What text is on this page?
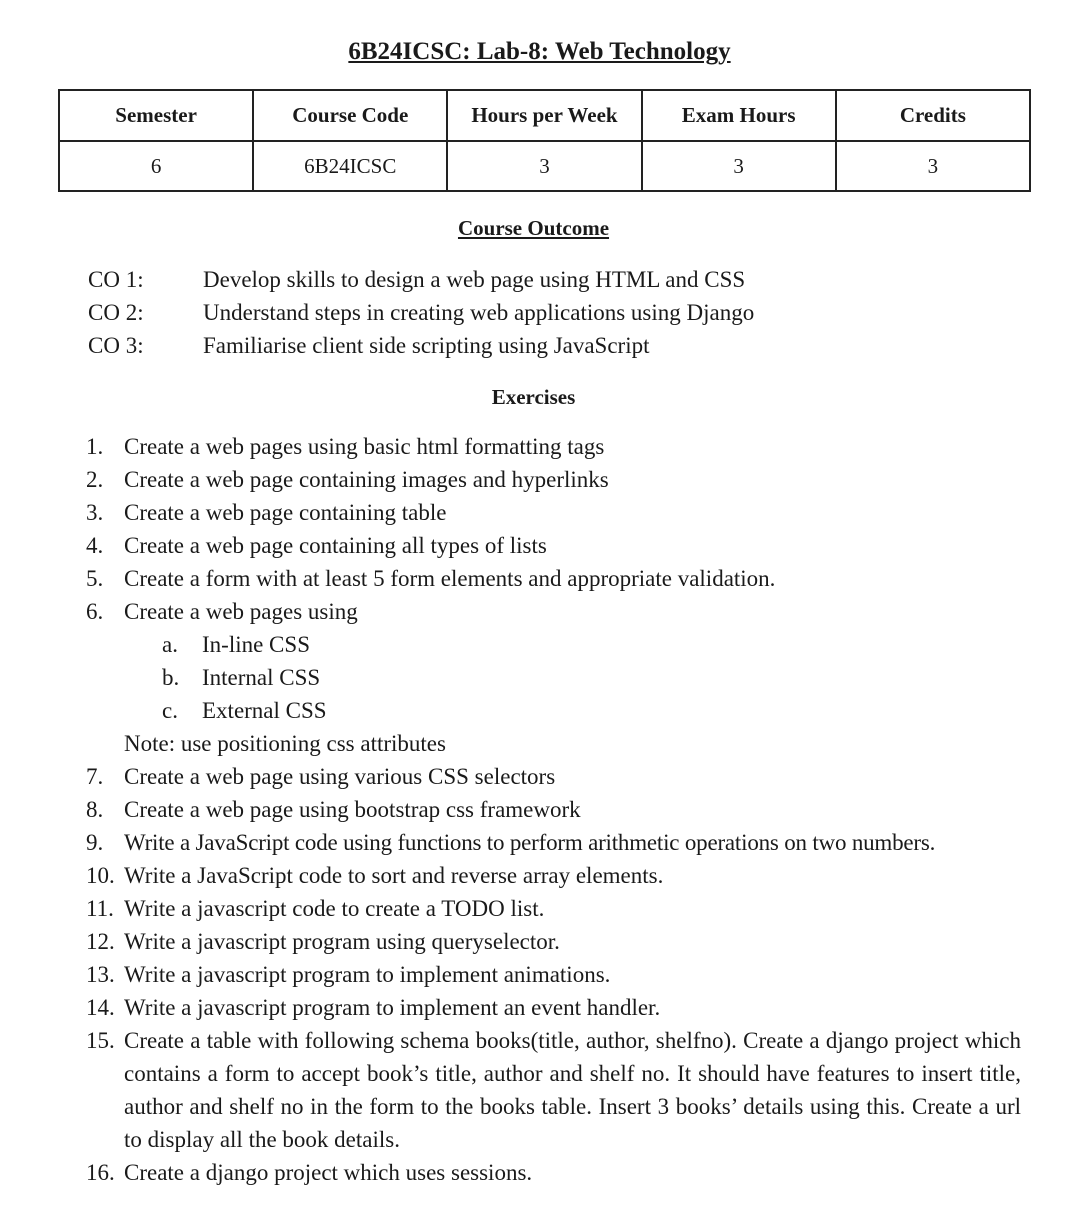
6B24ICSC: Lab-8: Web Technology
Semester	Course Code	Hours per Week	Exam Hours	Credits
6	6B24ICSC	3	3	3
Course Outcome
CO 1:	Develop skills to design a web page using HTML and CSS
CO 2:	Understand steps in creating web applications using Django
CO 3:	Familiarise client side scripting using JavaScript
Exercises
1. Create a web pages using basic html formatting tags
2. Create a web page containing images and hyperlinks
3. Create a web page containing table
4. Create a web page containing all types of lists
5. Create a form with at least 5 form elements and appropriate validation.
6. Create a web pages using
a.	In-line CSS
b. Internal CSS
c.	External CSS
Note: use positioning css attributes
7. Create a web page using various CSS selectors
8. Create a web page using bootstrap css framework
9. Write a JavaScript code using functions to perform arithmetic operations on two numbers.
10. Write a JavaScript code to sort and reverse array elements.
11. Write a javascript code to create a TODO list.
12. Write a javascript program using queryselector.
13. Write a javascript program to implement animations.
14. Write a javascript program to implement an event handler.
15. Create a table with following schema books(title, author, shelfno). Create a django project which contains a form to accept book’s title, author and shelf no. It should have features to insert title, author and shelf no in the form to the books table. Insert 3 books’ details using this. Create a url to display all the book details.
16. Create a django project which uses sessions.
